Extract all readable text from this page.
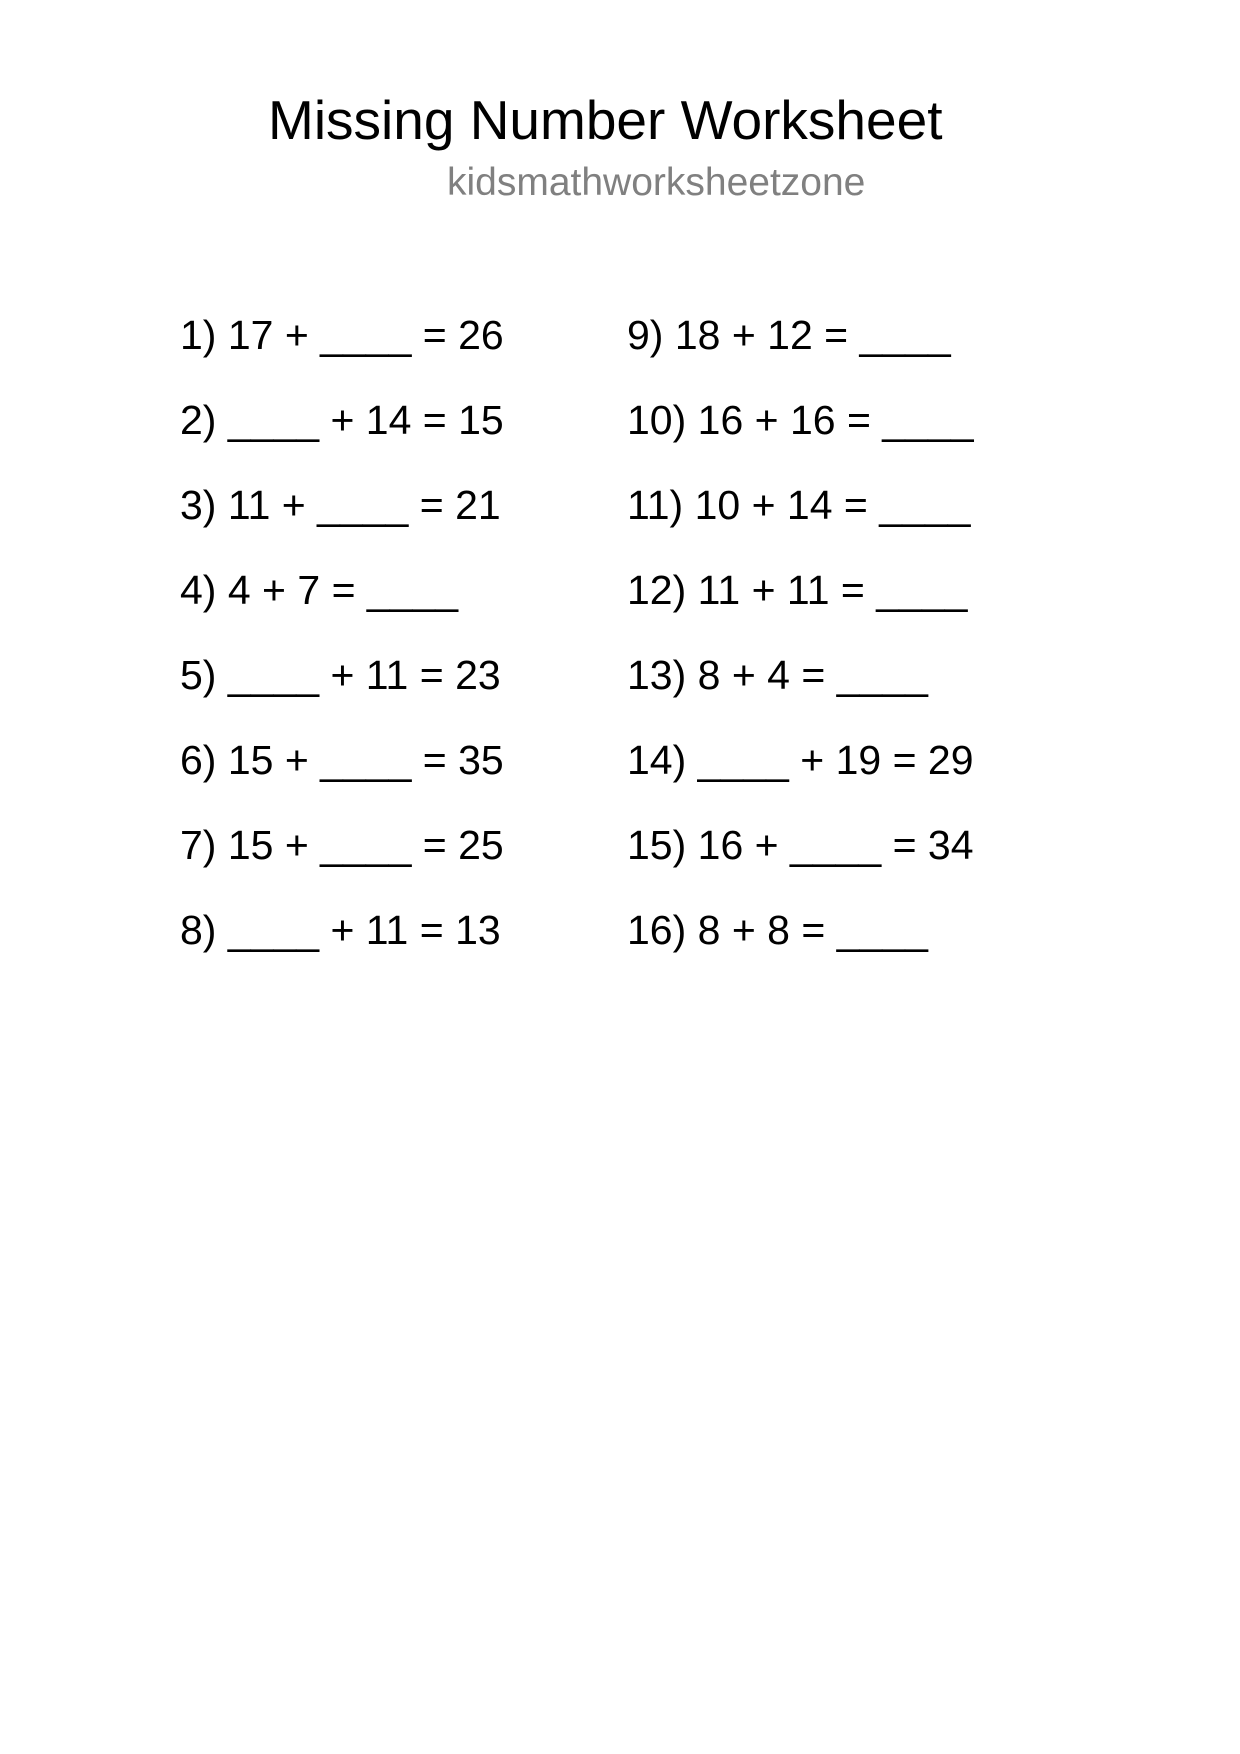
Missing Number Worksheet
kidsmathworksheetzone
1) 17 + ____ = 26
2) ____ + 14 = 15
3) 11 + ____ = 21
4) 4 + 7 = ____
5) ____ + 11 = 23
6) 15 + ____ = 35
7) 15 + ____ = 25
8) ____ + 11 = 13
9) 18 + 12 = ____
10) 16 + 16 = ____
11) 10 + 14 = ____
12) 11 + 11 = ____
13) 8 + 4 = ____
14) ____ + 19 = 29
15) 16 + ____ = 34
16) 8 + 8 = ____
